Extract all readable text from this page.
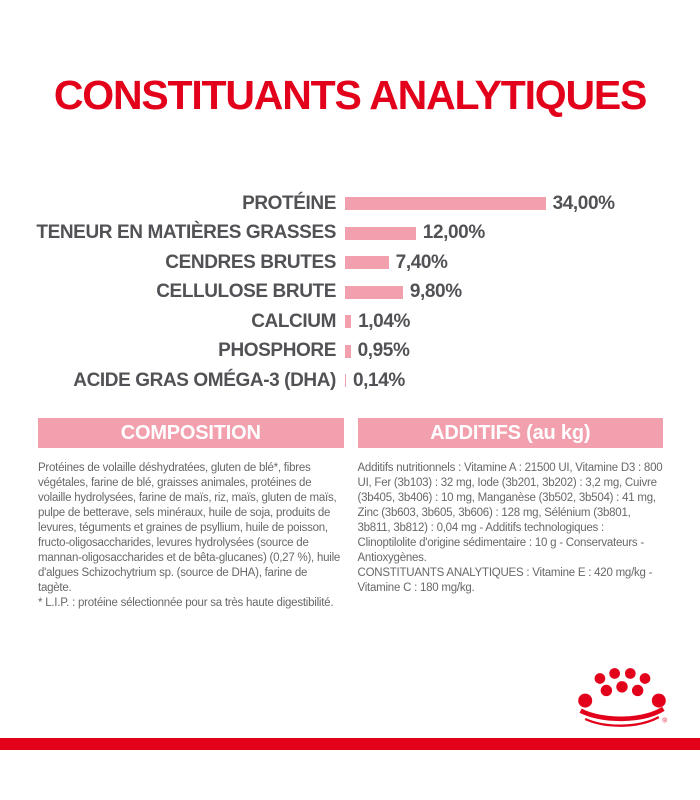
CONSTITUANTS ANALYTIQUES
PROTÉINE	34,00%
TENEUR EN MATIÈRES GRASSES	12,00%
CENDRES BRUTES	7,40%
CELLULOSE BRUTE	9,80%
CALCIUM	1,04%
PHOSPHORE	0,95%
ACIDE GRAS OMÉGA-3 (DHA) 0,14%
COMPOSITION

Protéines de volaille déshydratées, gluten de blé*, fibres végétales, farine de blé, graisses animales, protéines de volaille hydrolysées, farine de maïs, riz, maïs, gluten de maïs, pulpe de betterave, sels minéraux, huile de soja, produits de levures, téguments et graines de psyllium, huile de poisson, fructo-oligosaccharides, levures hydrolysées (source de mannan-oligosaccharides et de bêta-glucanes) (0,27 %), huile d'algues Schizochytrium sp. (source de DHA), farine de tagète.

* L.I.P. : protéine sélectionnée pour sa très haute digestibilité.

ADDITIFS (au kg)

Additifs nutritionnels : Vitamine A : 21500 UI, Vitamine D3 : 800 UI, Fer (3b103) : 32 mg, Iode (3b201, 3b202) : 3,2 mg, Cuivre (3b405, 3b406) : 10 mg, Manganèse (3b502, 3b504) : 41 mg, Zinc (3b603, 3b605, 3b606) : 128 mg, Sélénium (3b801, 3b811, 3b812) : 0,04 mg - Additifs technologiques : Clinoptilolite d'origine sédimentaire : 10 g - Conservateurs - Antioxygènes.

CONSTITUANTS ANALYTIQUES : Vitamine E : 420 mg/kg - Vitamine C : 180 mg/kg.

®
